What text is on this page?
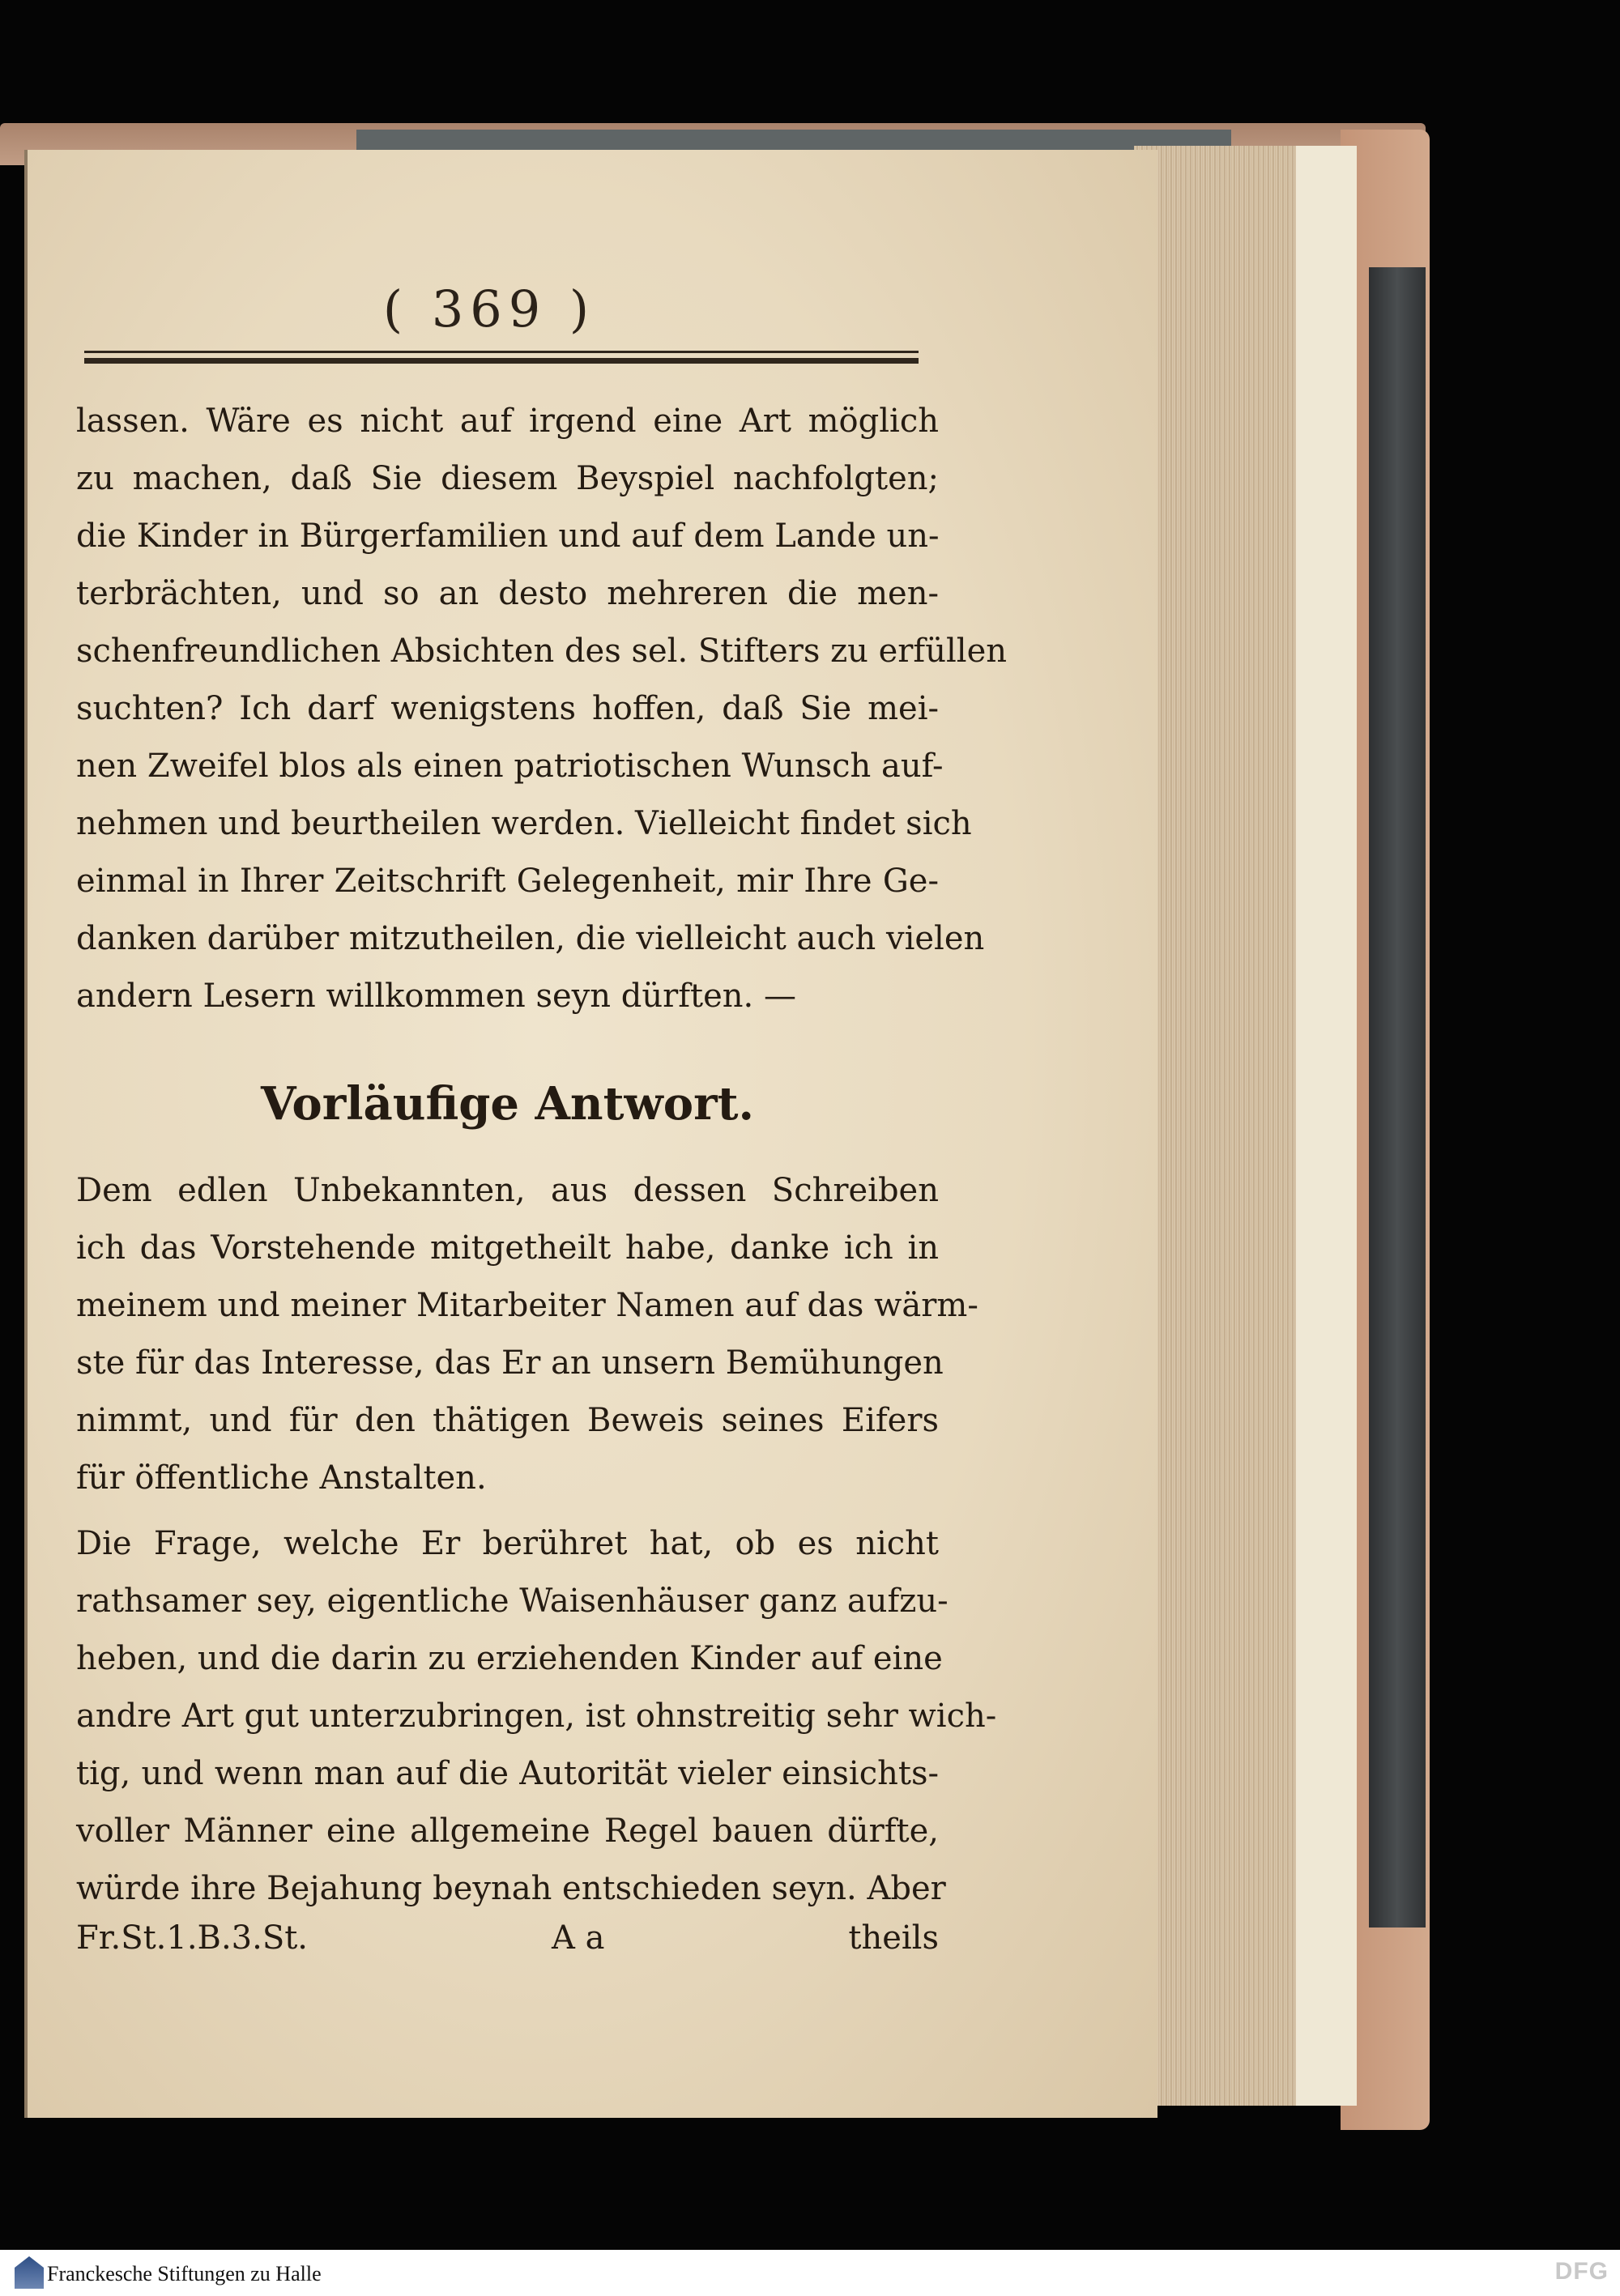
( 369 )
lassen. Wäre es nicht auf irgend eine Art möglich
zu machen, daß Sie diesem Beyspiel nachfolgten;
die Kinder in Bürgerfamilien und auf dem Lande un-
terbrächten, und so an desto mehreren die men-
schenfreundlichen Absichten des sel. Stifters zu erfüllen
suchten? Ich darf wenigstens hoffen, daß Sie mei-
nen Zweifel blos als einen patriotischen Wunsch auf-
nehmen und beurtheilen werden. Vielleicht findet sich
einmal in Ihrer Zeitschrift Gelegenheit, mir Ihre Ge-
danken darüber mitzutheilen, die vielleicht auch vielen
andern Lesern willkommen seyn dürften. —
Vorläufige Antwort.
Dem edlen Unbekannten, aus dessen Schreiben
ich das Vorstehende mitgetheilt habe, danke ich in
meinem und meiner Mitarbeiter Namen auf das wärm-
ste für das Interesse, das Er an unsern Bemühungen
nimmt, und für den thätigen Beweis seines Eifers
für öffentliche Anstalten.
Die Frage, welche Er berühret hat, ob es nicht
rathsamer sey, eigentliche Waisenhäuser ganz aufzu-
heben, und die darin zu erziehenden Kinder auf eine
andre Art gut unterzubringen, ist ohnstreitig sehr wich-
tig, und wenn man auf die Autorität vieler einsichts-
voller Männer eine allgemeine Regel bauen dürfte,
würde ihre Bejahung beynah entschieden seyn. Aber
Fr.St.1.B.3.St.	A a	theils
Franckesche Stiftungen zu Halle	DFG
